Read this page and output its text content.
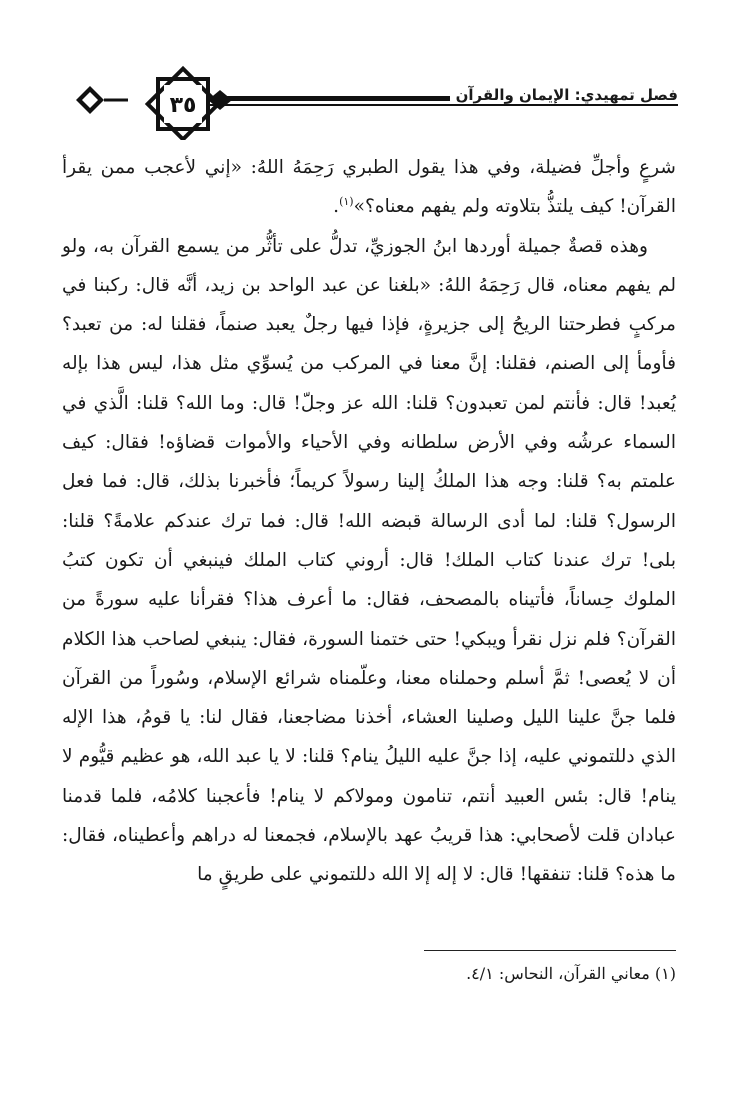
٣٥	فصل تمهيدي: الإيمان والقرآن

شرعٍ وأجلِّ فضيلة، وفي هذا يقول الطبري رَحِمَهُ اللهُ: «إني لأعجب ممن يقرأ القرآن! كيف يلتذُّ بتلاوته ولم يفهم معناه؟»$^{(١)}$.

وهذه قصةٌ جميلة أوردها ابنُ الجوزيِّ، تدلُّ على تأثُّر من يسمع القرآن به، ولو لم يفهم معناه، قال رَحِمَهُ اللهُ: «بلغنا عن عبد الواحد بن زيد، أنَّه قال: ركبنا في مركبٍ فطرحتنا الريحُ إلى جزيرةٍ، فإذا فيها رجلٌ يعبد صنماً، فقلنا له: من تعبد؟ فأومأ إلى الصنم، فقلنا: إنَّ معنا في المركب من يُسوِّي مثل هذا، ليس هذا بإله يُعبد! قال: فأنتم لمن تعبدون؟ قلنا: الله عز وجلّ! قال: وما الله؟ قلنا: الَّذي في السماء عرشُه وفي الأرض سلطانه وفي الأحياء والأموات قضاؤه! فقال: كيف علمتم به؟ قلنا: وجه هذا الملكُ إلينا رسولاً كريماً؛ فأخبرنا بذلك، قال: فما فعل الرسول؟ قلنا: لما أدى الرسالة قبضه الله! قال: فما ترك عندكم علامةً؟ قلنا: بلى! ترك عندنا كتاب الملك! قال: أروني كتاب الملك فينبغي أن تكون كتبُ الملوك حِساناً، فأتيناه بالمصحف، فقال: ما أعرف هذا؟ فقرأنا عليه سورةً من القرآن؟ فلم نزل نقرأ ويبكي! حتى ختمنا السورة، فقال: ينبغي لصاحب هذا الكلام أن لا يُعصى! ثمَّ أسلم وحملناه معنا، وعلّمناه شرائع الإسلام، وسُوراً من القرآن فلما جنَّ علينا الليل وصلينا العشاء، أخذنا مضاجعنا، فقال لنا: يا قومُ، هذا الإله الذي دللتموني عليه، إذا جنَّ عليه الليلُ ينام؟ قلنا: لا يا عبد الله، هو عظيم قيُّوم لا ينام! قال: بئس العبيد أنتم، تنامون ومولاكم لا ينام! فأعجبنا كلامُه، فلما قدمنا عبادان قلت لأصحابي: هذا قريبُ عهد بالإسلام، فجمعنا له دراهم وأعطيناه، فقال: ما هذه؟ قلنا: تنفقها! قال: لا إله إلا الله دللتموني على طريقٍ ما

(١) معاني القرآن، النحاس: ٤/١.
